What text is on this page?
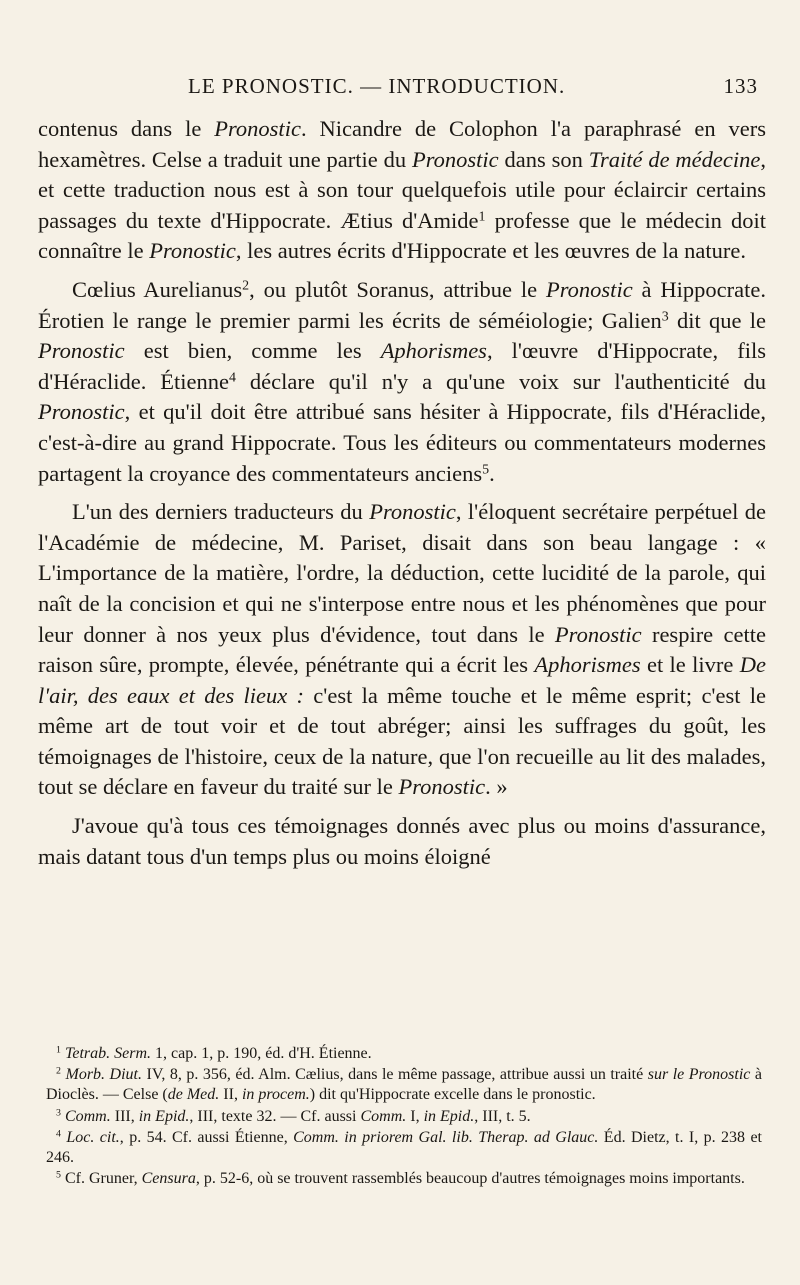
LE PRONOSTIC. — INTRODUCTION.	133

contenus dans le Pronostic. Nicandre de Colophon l'a paraphrasé en vers hexamètres. Celse a traduit une partie du Pronostic dans son Traité de médecine, et cette traduction nous est à son tour quelquefois utile pour éclaircir certains passages du texte d'Hippocrate. Ætius d'Amide$^1$ professe que le médecin doit connaître le Pronostic, les autres écrits d'Hippocrate et les œuvres de la nature.

Cœlius Aurelianus$^2$, ou plutôt Soranus, attribue le Pronostic à Hippocrate. Érotien le range le premier parmi les écrits de séméiologie; Galien$^3$ dit que le Pronostic est bien, comme les Aphorismes, l'œuvre d'Hippocrate, fils d'Héraclide. Étienne$^4$ déclare qu'il n'y a qu'une voix sur l'authenticité du Pronostic, et qu'il doit être attribué sans hésiter à Hippocrate, fils d'Héraclide, c'est-à-dire au grand Hippocrate. Tous les éditeurs ou commentateurs modernes partagent la croyance des commentateurs anciens$^5$.

L'un des derniers traducteurs du Pronostic, l'éloquent secrétaire perpétuel de l'Académie de médecine, M. Pariset, disait dans son beau langage : « L'importance de la matière, l'ordre, la déduction, cette lucidité de la parole, qui naît de la concision et qui ne s'interpose entre nous et les phénomènes que pour leur donner à nos yeux plus d'évidence, tout dans le Pronostic respire cette raison sûre, prompte, élevée, pénétrante qui a écrit les Aphorismes et le livre De l'air, des eaux et des lieux : c'est la même touche et le même esprit; c'est le même art de tout voir et de tout abréger; ainsi les suffrages du goût, les témoignages de l'histoire, ceux de la nature, que l'on recueille au lit des malades, tout se déclare en faveur du traité sur le Pronostic. »

J'avoue qu'à tous ces témoignages donnés avec plus ou moins d'assurance, mais datant tous d'un temps plus ou moins éloigné

$^1$ Tetrab. Serm. 1, cap. 1, p. 190, éd. d'H. Étienne.

$^2$ Morb. Diut. IV, 8, p. 356, éd. Alm. Cælius, dans le même passage, attribue aussi un traité sur le Pronostic à Dioclès. — Celse (de Med. II, in procem.) dit qu'Hippocrate excelle dans le pronostic.

$^3$ Comm. III, in Epid., III, texte 32. — Cf. aussi Comm. I, in Epid., III, t. 5.

$^4$ Loc. cit., p. 54. Cf. aussi Étienne, Comm. in priorem Gal. lib. Therap. ad Glauc. Éd. Dietz, t. I, p. 238 et 246.

$^5$ Cf. Gruner, Censura, p. 52-6, où se trouvent rassemblés beaucoup d'autres témoignages moins importants.
